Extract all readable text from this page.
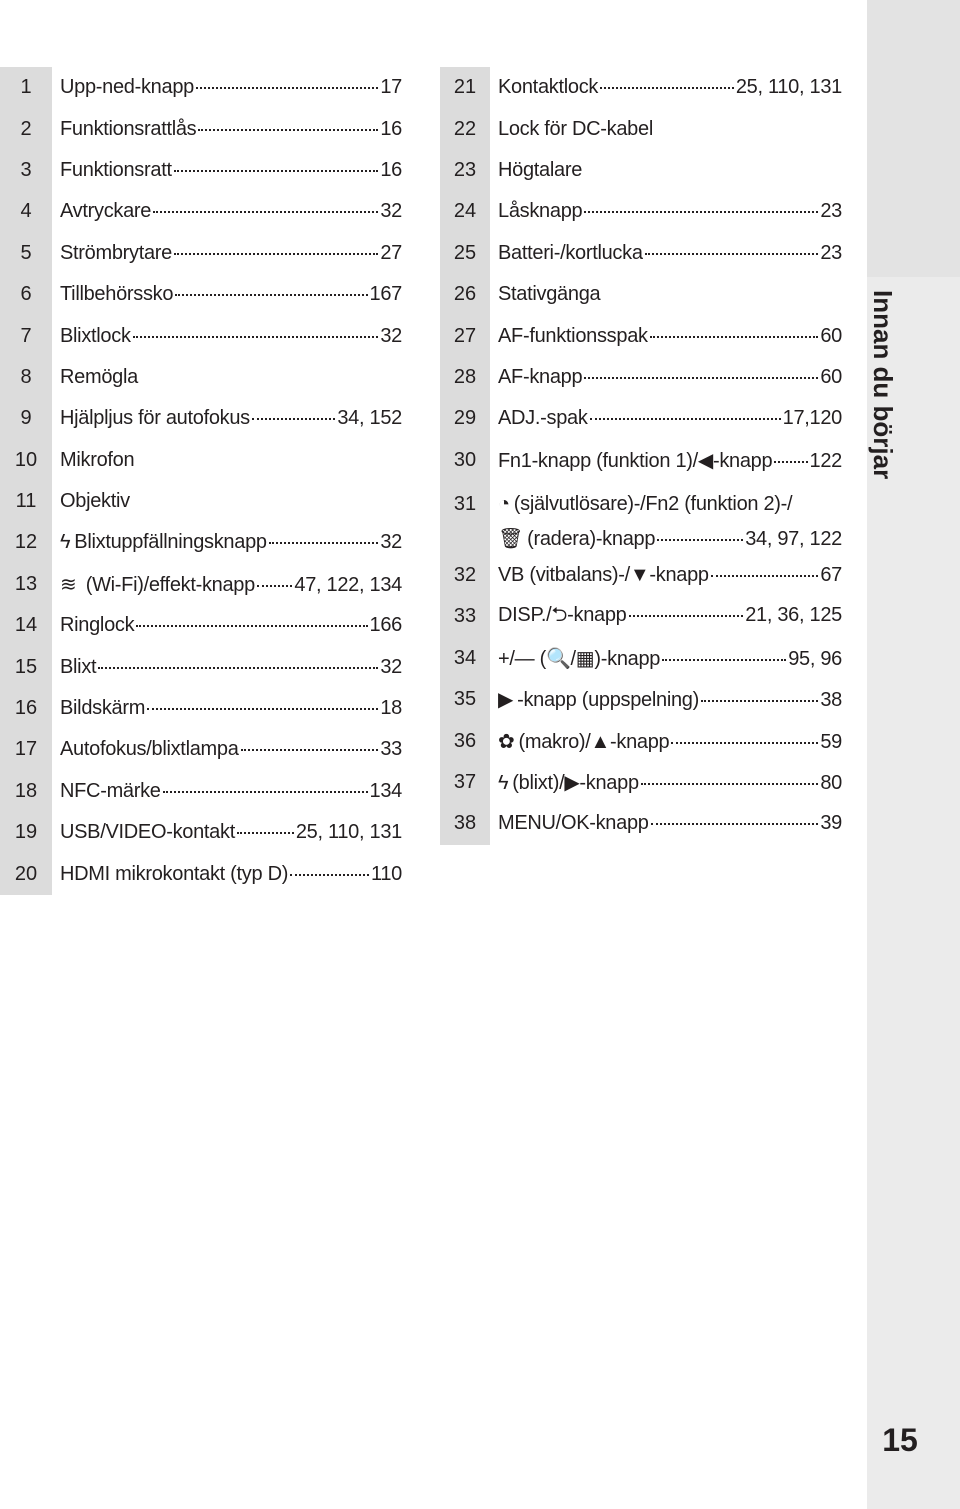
Innan du börjar
1	Upp-ned-knapp	17
2	Funktionsrattlås	16
3	Funktionsratt	16
4	Avtryckare	32
5	Strömbrytare	27
6	Tillbehörssko	167
7	Blixtlock	32
8	Remögla
9	Hjälpljus för autofokus	34, 152
10	Mikrofon
11	Objektiv
12	ϟ Blixtuppfällningsknapp	32
13	≋ (Wi-Fi)/effekt-knapp 47, 122, 134
14	Ringlock	166
15	Blixt	32
16	Bildskärm	18
17	Autofokus/blixtlampa	33
18	NFC-märke	134
19	USB/VIDEO-kontakt	25, 110, 131
20	HDMI mikrokontakt (typ D)	110
21	Kontaktlock	25, 110, 131
22	Lock för DC-kabel
23	Högtalare
24	Låsknapp	23
25	Batteri-/kortlucka	23
26	Stativgänga
27	AF-funktionsspak	60
28	AF-knapp	60
29	ADJ.-spak	17,120
30	Fn1-knapp (funktion 1)/◀-knapp 122
31	◔ (självutlösare)-/Fn2 (funktion 2)-/
🗑 (radera)-knapp	34, 97, 122
32	VB (vitbalans)-/▼-knapp	67
33	DISP./⮌-knapp	21, 36, 125
34	+/— (🔍/▦)-knapp	95, 96
35	▶ -knapp (uppspelning)	38
36	✿ (makro)/▲-knapp	59
37	ϟ (blixt)/▶-knapp	80
38	MENU/OK-knapp	39
15
